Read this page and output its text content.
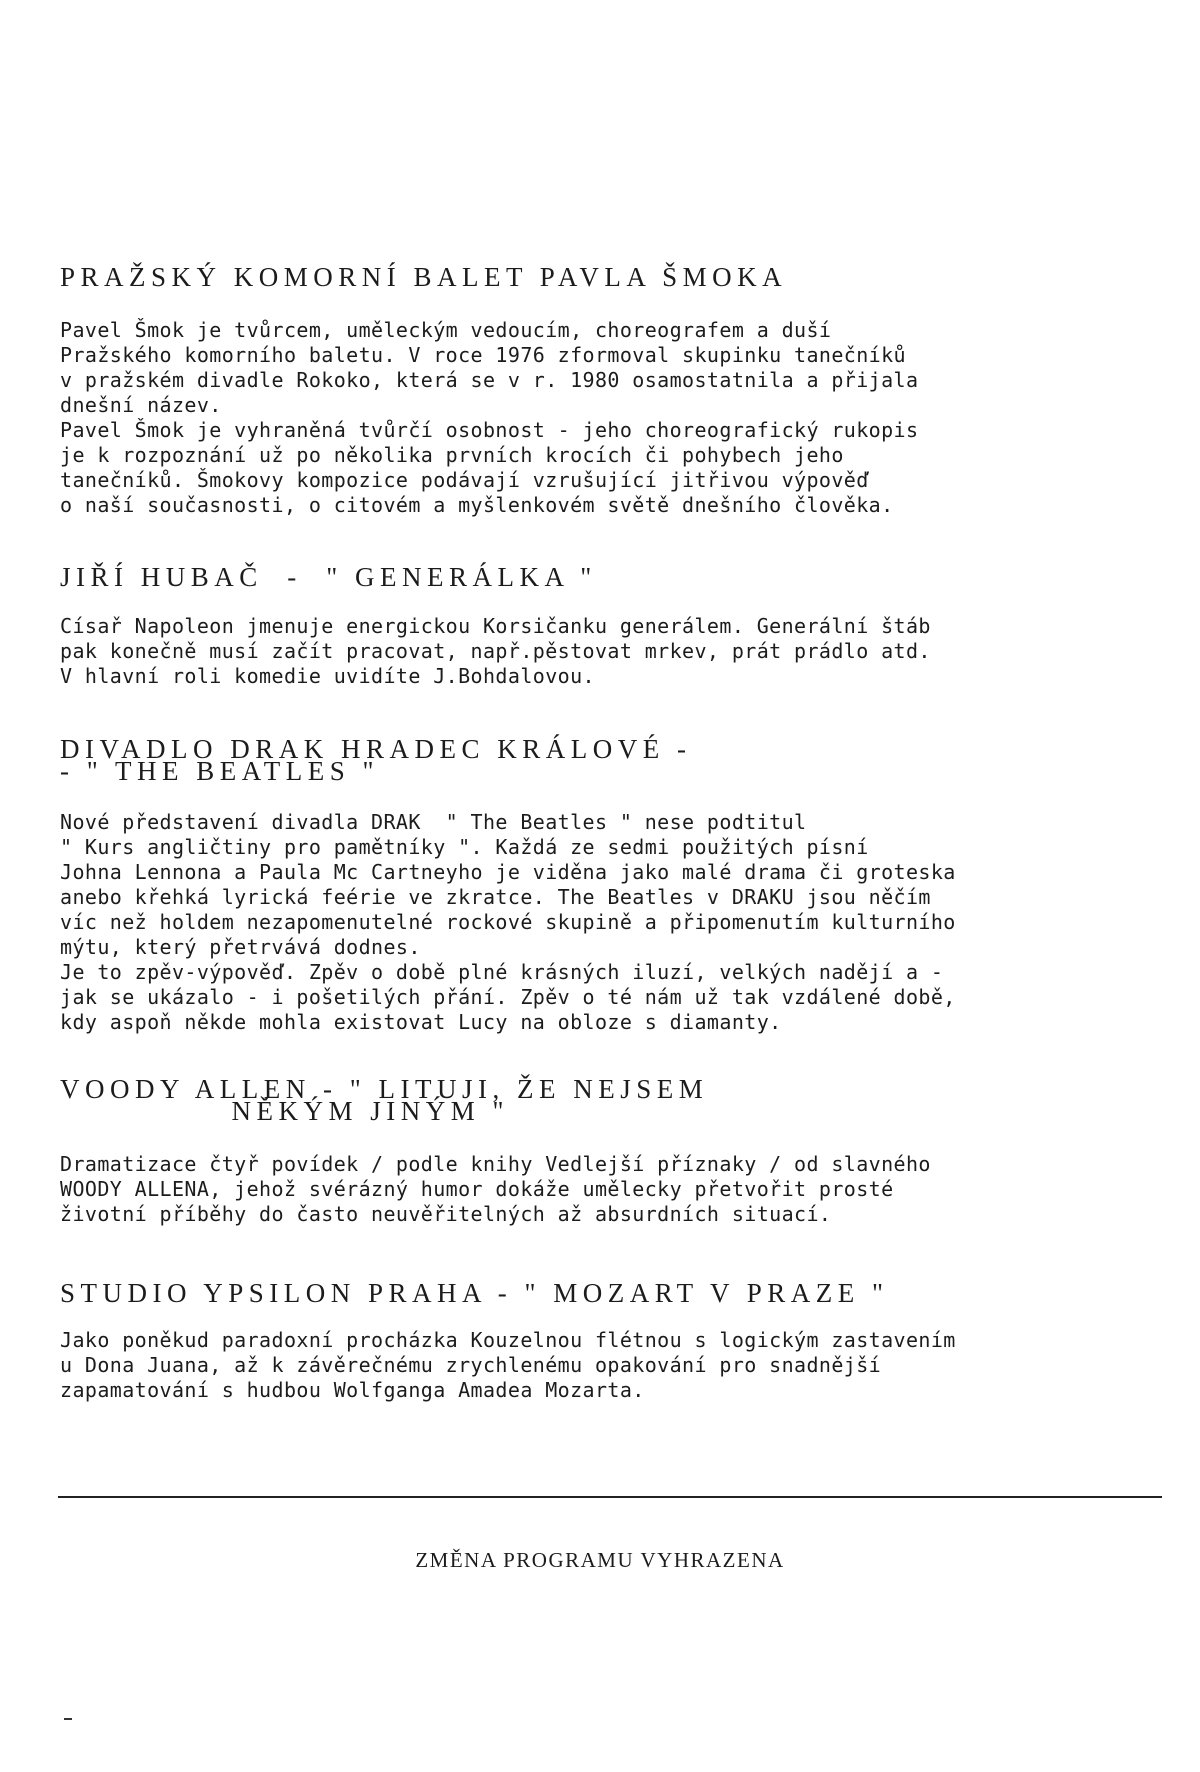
PRAŽSKÝ KOMORNÍ BALET PAVLA ŠMOKA
Pavel Šmok je tvůrcem, uměleckým vedoucím, choreografem a duší
Pražského komorního baletu. V roce 1976 zformoval skupinku tanečníků
v pražském divadle Rokoko, která se v r. 1980 osamostatnila a přijala
dnešní název.
Pavel Šmok je vyhraněná tvůrčí osobnost - jeho choreografický rukopis
je k rozpoznání už po několika prvních krocích či pohybech jeho
tanečníků. Šmokovy kompozice podávají vzrušující jitřivou výpověď
o naší současnosti, o citovém a myšlenkovém světě dnešního člověka.
JIŘÍ HUBAČ  -  " GENERÁLKA "
Císař Napoleon jmenuje energickou Korsičanku generálem. Generální štáb
pak konečně musí začít pracovat, např.pěstovat mrkev, prát prádlo atd.
V hlavní roli komedie uvidíte J.Bohdalovou.
DIVADLO DRAK HRADEC KRÁLOVÉ -
- " THE BEATLES "
Nové představení divadla DRAK  " The Beatles " nese podtitul
" Kurs angličtiny pro pamětníky ". Každá ze sedmi použitých písní
Johna Lennona a Paula Mc Cartneyho je viděna jako malé drama či groteska
anebo křehká lyrická feérie ve zkratce. The Beatles v DRAKU jsou něčím
víc než holdem nezapomenutelné rockové skupině a připomenutím kulturního
mýtu, který přetrvává dodnes.
Je to zpěv-výpověď. Zpěv o době plné krásných iluzí, velkých nadějí a -
jak se ukázalo - i pošetilých přání. Zpěv o té nám už tak vzdálené době,
kdy aspoň někde mohla existovat Lucy na obloze s diamanty.
VOODY ALLEN - " LITUJI, ŽE NEJSEM
NĚKÝM JINÝM "
Dramatizace čtyř povídek / podle knihy Vedlejší příznaky / od slavného
WOODY ALLENA, jehož svérázný humor dokáže umělecky přetvořit prosté
životní příběhy do často neuvěřitelných až absurdních situací.
STUDIO YPSILON PRAHA - " MOZART V PRAZE "
Jako poněkud paradoxní procházka Kouzelnou flétnou s logickým zastavením
u Dona Juana, až k závěrečnému zrychlenému opakování pro snadnější
zapamatování s hudbou Wolfganga Amadea Mozarta.
ZMĚNA PROGRAMU VYHRAZENA
